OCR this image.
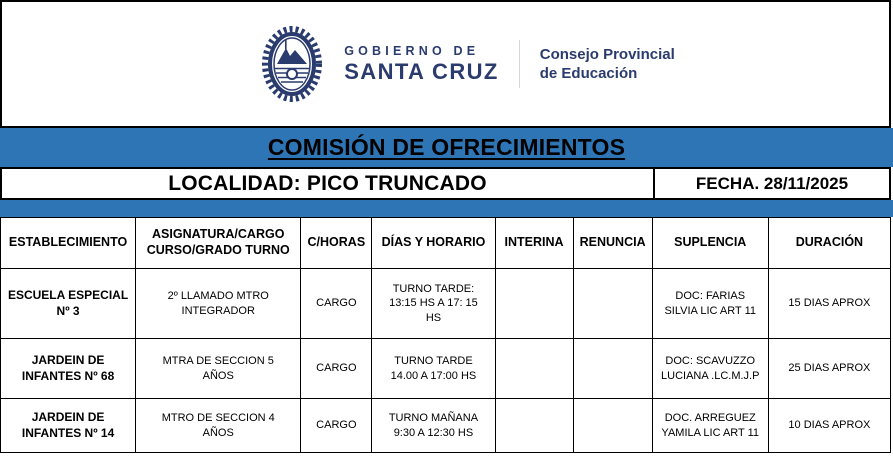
GOBIERNO DE
SANTA CRUZ
Consejo Provincial
de Educación
COMISIÓN DE OFRECIMIENTOS
LOCALIDAD: PICO TRUNCADO	FECHA. 28/11/2025
ESTABLECIMIENTO	ASIGNATURA/CARGO CURSO/GRADO TURNO	C/HORAS	DÍAS Y HORARIO	INTERINA	RENUNCIA	SUPLENCIA	DURACIÓN
ESCUELA ESPECIAL Nº 3	2º LLAMADO MTRO INTEGRADOR	CARGO	TURNO TARDE: 13:15 HS A 17: 15 HS			DOC: FARIAS SILVIA LIC ART 11	15 DIAS APROX
JARDEIN DE INFANTES Nº 68	MTRA DE SECCION 5 AÑOS	CARGO	TURNO TARDE 14.00 A 17:00 HS			DOC: SCAVUZZO LUCIANA .LC.M.J.P	25 DIAS APROX
JARDEIN DE INFANTES Nº 14	MTRO DE SECCION 4 AÑOS	CARGO	TURNO MAÑANA 9:30 A 12:30 HS			DOC. ARREGUEZ YAMILA LIC ART 11	10 DIAS APROX
